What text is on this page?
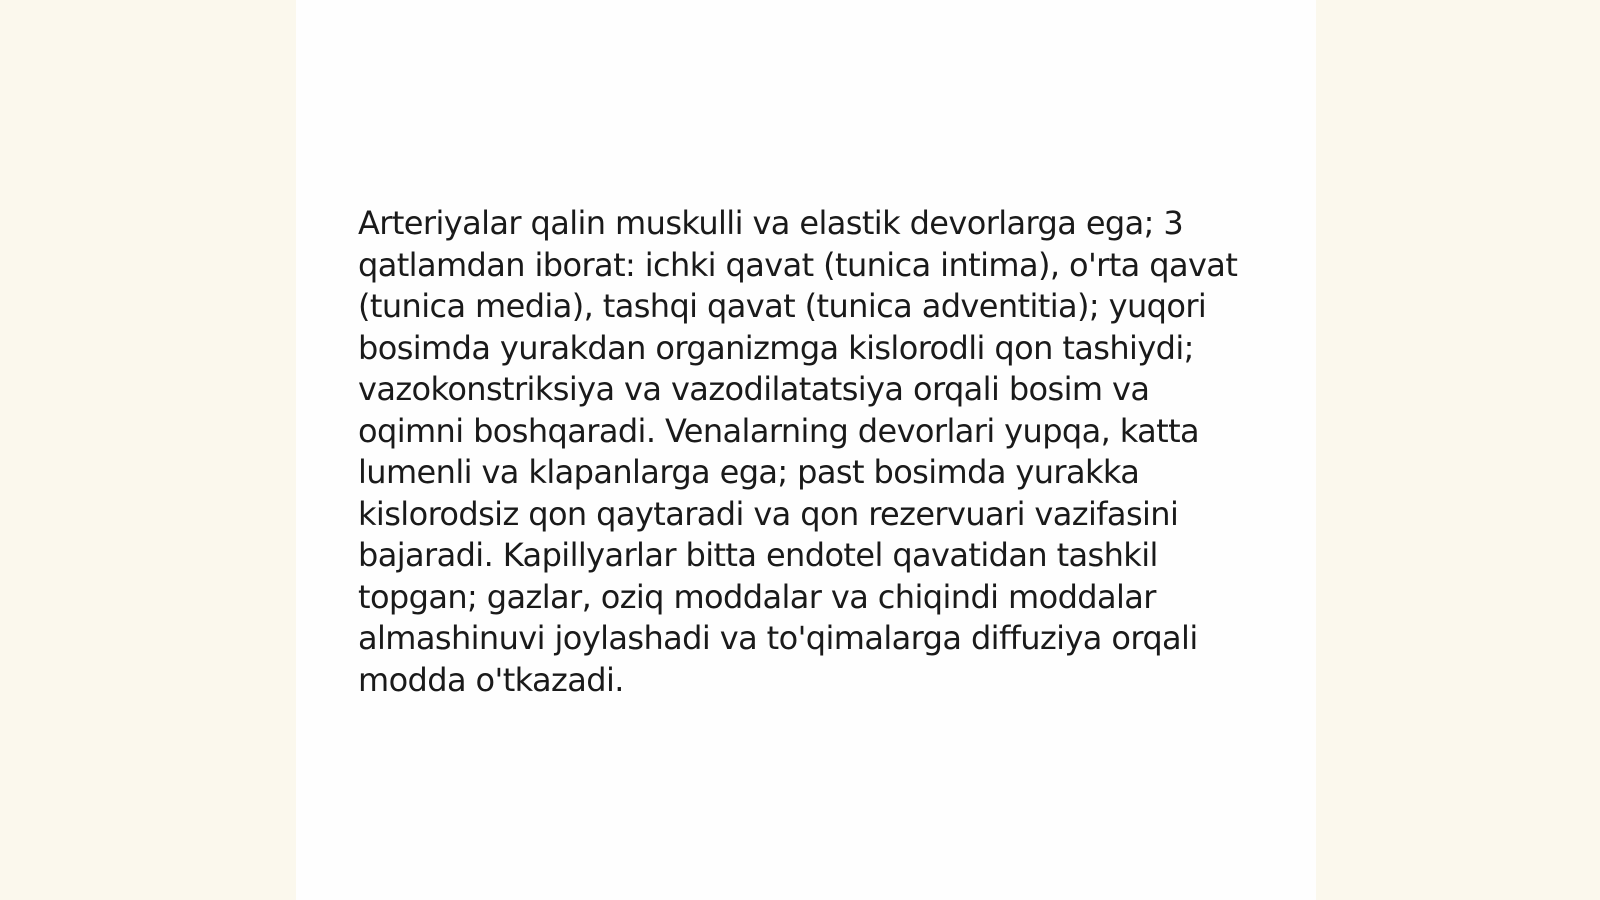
Arteriyalar qalin muskulli va elastik devorlarga ega; 3 qatlamdan iborat: ichki qavat (tunica intima), o'rta qavat (tunica media), tashqi qavat (tunica adventitia); yuqori bosimda yurakdan organizmga kislorodli qon tashiydi; vazokonstriksiya va vazodilatatsiya orqali bosim va oqimni boshqaradi. Venalarning devorlari yupqa, katta lumenli va klapanlarga ega; past bosimda yurakka kislorodsiz qon qaytaradi va qon rezervuari vazifasini bajaradi. Kapillyarlar bitta endotel qavatidan tashkil topgan; gazlar, oziq moddalar va chiqindi moddalar almashinuvi joylashadi va to'qimalarga diffuziya orqali modda o'tkazadi.
